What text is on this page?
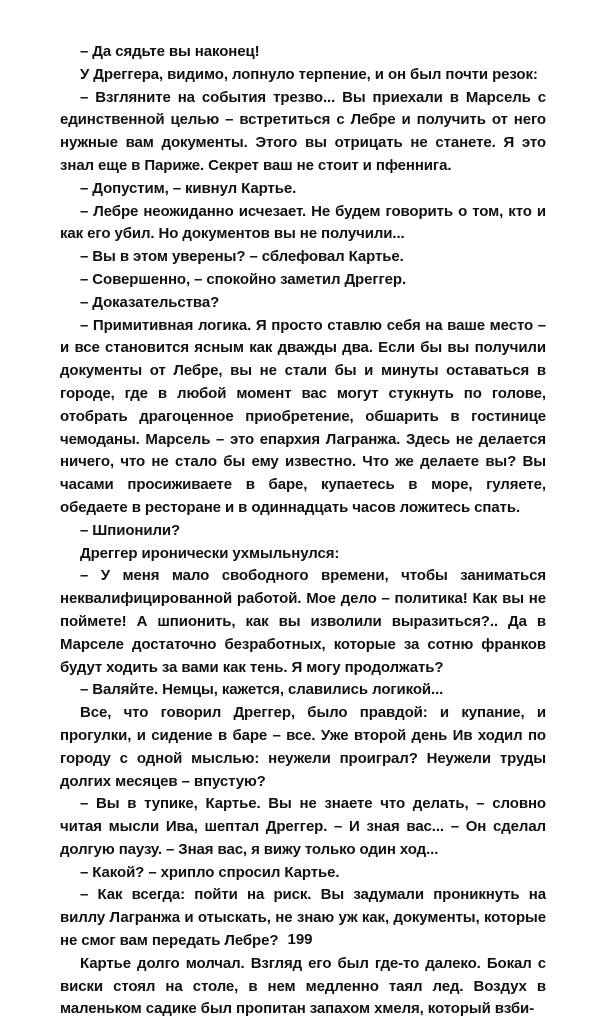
– Да сядьте вы наконец!

У Дреггера, видимо, лопнуло терпение, и он был почти резок:

– Взгляните на события трезво... Вы приехали в Марсель с единственной целью – встретиться с Лебре и получить от него нужные вам документы. Этого вы отрицать не станете. Я это знал еще в Париже. Секрет ваш не стоит и пфеннига.

– Допустим, – кивнул Картье.

– Лебре неожиданно исчезает. Не будем говорить о том, кто и как его убил. Но документов вы не получили...

– Вы в этом уверены? – сблефовал Картье.

– Совершенно, – спокойно заметил Дреггер.

– Доказательства?

– Примитивная логика. Я просто ставлю себя на ваше место – и все становится ясным как дважды два. Если бы вы получили документы от Лебре, вы не стали бы и минуты оставаться в городе, где в любой момент вас могут стукнуть по голове, отобрать драгоценное приобретение, обшарить в гостинице чемоданы. Марсель – это епархия Лагранжа. Здесь не делается ничего, что не стало бы ему известно. Что же делаете вы? Вы часами просиживаете в баре, купаетесь в море, гуляете, обедаете в ресторане и в одиннадцать часов ложитесь спать.

– Шпионили?

Дреггер иронически ухмыльнулся:

– У меня мало свободного времени, чтобы заниматься неквалифицированной работой. Мое дело – политика! Как вы не поймете! А шпионить, как вы изволили выразиться?.. Да в Марселе достаточно безработных, которые за сотню франков будут ходить за вами как тень. Я могу продолжать?

– Валяйте. Немцы, кажется, славились логикой...

Все, что говорил Дреггер, было правдой: и купание, и прогулки, и сидение в баре – все. Уже второй день Ив ходил по городу с одной мыслью: неужели проиграл? Неужели труды долгих месяцев – впустую?

– Вы в тупике, Картье. Вы не знаете что делать, – словно читая мысли Ива, шептал Дреггер. – И зная вас... – Он сделал долгую паузу. – Зная вас, я вижу только один ход...

– Какой? – хрипло спросил Картье.

– Как всегда: пойти на риск. Вы задумали проникнуть на виллу Лагранжа и отыскать, не знаю уж как, документы, которые не смог вам передать Лебре?

Картье долго молчал. Взгляд его был где-то далеко. Бокал с виски стоял на столе, в нем медленно таял лед. Воздух в маленьком садике был пропитан запахом хмеля, который взби-

199
